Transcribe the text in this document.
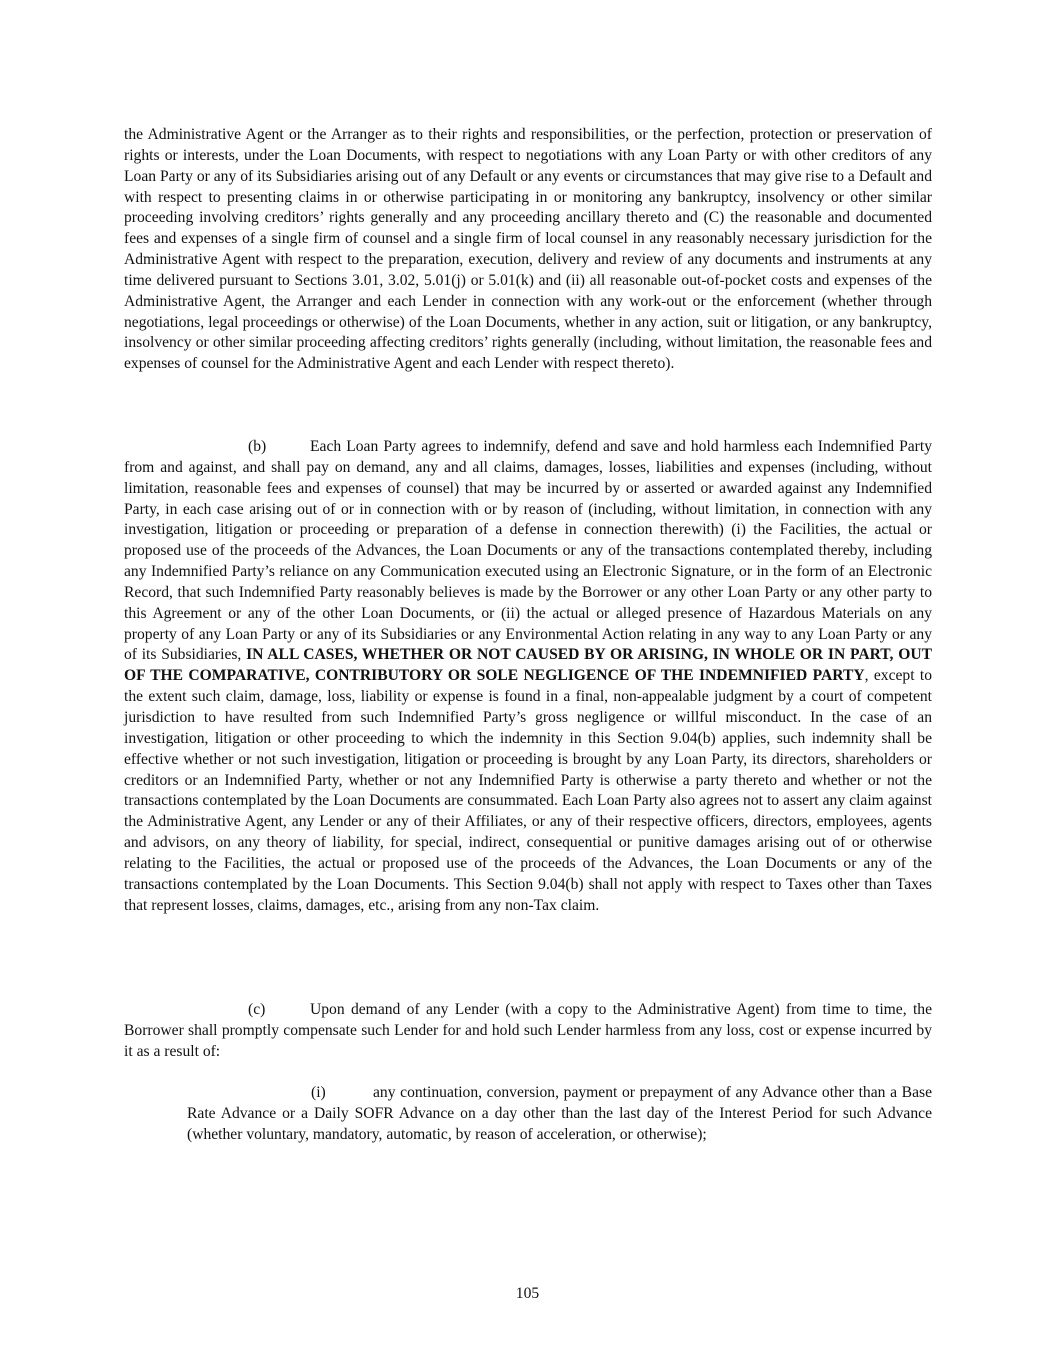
the Administrative Agent or the Arranger as to their rights and responsibilities, or the perfection, protection or preservation of rights or interests, under the Loan Documents, with respect to negotiations with any Loan Party or with other creditors of any Loan Party or any of its Subsidiaries arising out of any Default or any events or circumstances that may give rise to a Default and with respect to presenting claims in or otherwise participating in or monitoring any bankruptcy, insolvency or other similar proceeding involving creditors’ rights generally and any proceeding ancillary thereto and (C) the reasonable and documented fees and expenses of a single firm of counsel and a single firm of local counsel in any reasonably necessary jurisdiction for the Administrative Agent with respect to the preparation, execution, delivery and review of any documents and instruments at any time delivered pursuant to Sections 3.01, 3.02, 5.01(j) or 5.01(k) and (ii) all reasonable out-of-pocket costs and expenses of the Administrative Agent, the Arranger and each Lender in connection with any work-out or the enforcement (whether through negotiations, legal proceedings or otherwise) of the Loan Documents, whether in any action, suit or litigation, or any bankruptcy, insolvency or other similar proceeding affecting creditors’ rights generally (including, without limitation, the reasonable fees and expenses of counsel for the Administrative Agent and each Lender with respect thereto).

(b)	Each Loan Party agrees to indemnify, defend and save and hold harmless each Indemnified Party from and against, and shall pay on demand, any and all claims, damages, losses, liabilities and expenses (including, without limitation, reasonable fees and expenses of counsel) that may be incurred by or asserted or awarded against any Indemnified Party, in each case arising out of or in connection with or by reason of (including, without limitation, in connection with any investigation, litigation or proceeding or preparation of a defense in connection therewith) (i) the Facilities, the actual or proposed use of the proceeds of the Advances, the Loan Documents or any of the transactions contemplated thereby, including any Indemnified Party’s reliance on any Communication executed using an Electronic Signature, or in the form of an Electronic Record, that such Indemnified Party reasonably believes is made by the Borrower or any other Loan Party or any other party to this Agreement or any of the other Loan Documents, or (ii) the actual or alleged presence of Hazardous Materials on any property of any Loan Party or any of its Subsidiaries or any Environmental Action relating in any way to any Loan Party or any of its Subsidiaries, IN ALL CASES, WHETHER OR NOT CAUSED BY OR ARISING, IN WHOLE OR IN PART, OUT OF THE COMPARATIVE, CONTRIBUTORY OR SOLE NEGLIGENCE OF THE INDEMNIFIED PARTY, except to the extent such claim, damage, loss, liability or expense is found in a final, non-appealable judgment by a court of competent jurisdiction to have resulted from such Indemnified Party’s gross negligence or willful misconduct. In the case of an investigation, litigation or other proceeding to which the indemnity in this Section 9.04(b) applies, such indemnity shall be effective whether or not such investigation, litigation or proceeding is brought by any Loan Party, its directors, shareholders or creditors or an Indemnified Party, whether or not any Indemnified Party is otherwise a party thereto and whether or not the transactions contemplated by the Loan Documents are consummated. Each Loan Party also agrees not to assert any claim against the Administrative Agent, any Lender or any of their Affiliates, or any of their respective officers, directors, employees, agents and advisors, on any theory of liability, for special, indirect, consequential or punitive damages arising out of or otherwise relating to the Facilities, the actual or proposed use of the proceeds of the Advances, the Loan Documents or any of the transactions contemplated by the Loan Documents. This Section 9.04(b) shall not apply with respect to Taxes other than Taxes that represent losses, claims, damages, etc., arising from any non-Tax claim.

(c)	Upon demand of any Lender (with a copy to the Administrative Agent) from time to time, the Borrower shall promptly compensate such Lender for and hold such Lender harmless from any loss, cost or expense incurred by it as a result of:

(i)	any continuation, conversion, payment or prepayment of any Advance other than a Base Rate Advance or a Daily SOFR Advance on a day other than the last day of the Interest Period for such Advance (whether voluntary, mandatory, automatic, by reason of acceleration, or otherwise);

105
